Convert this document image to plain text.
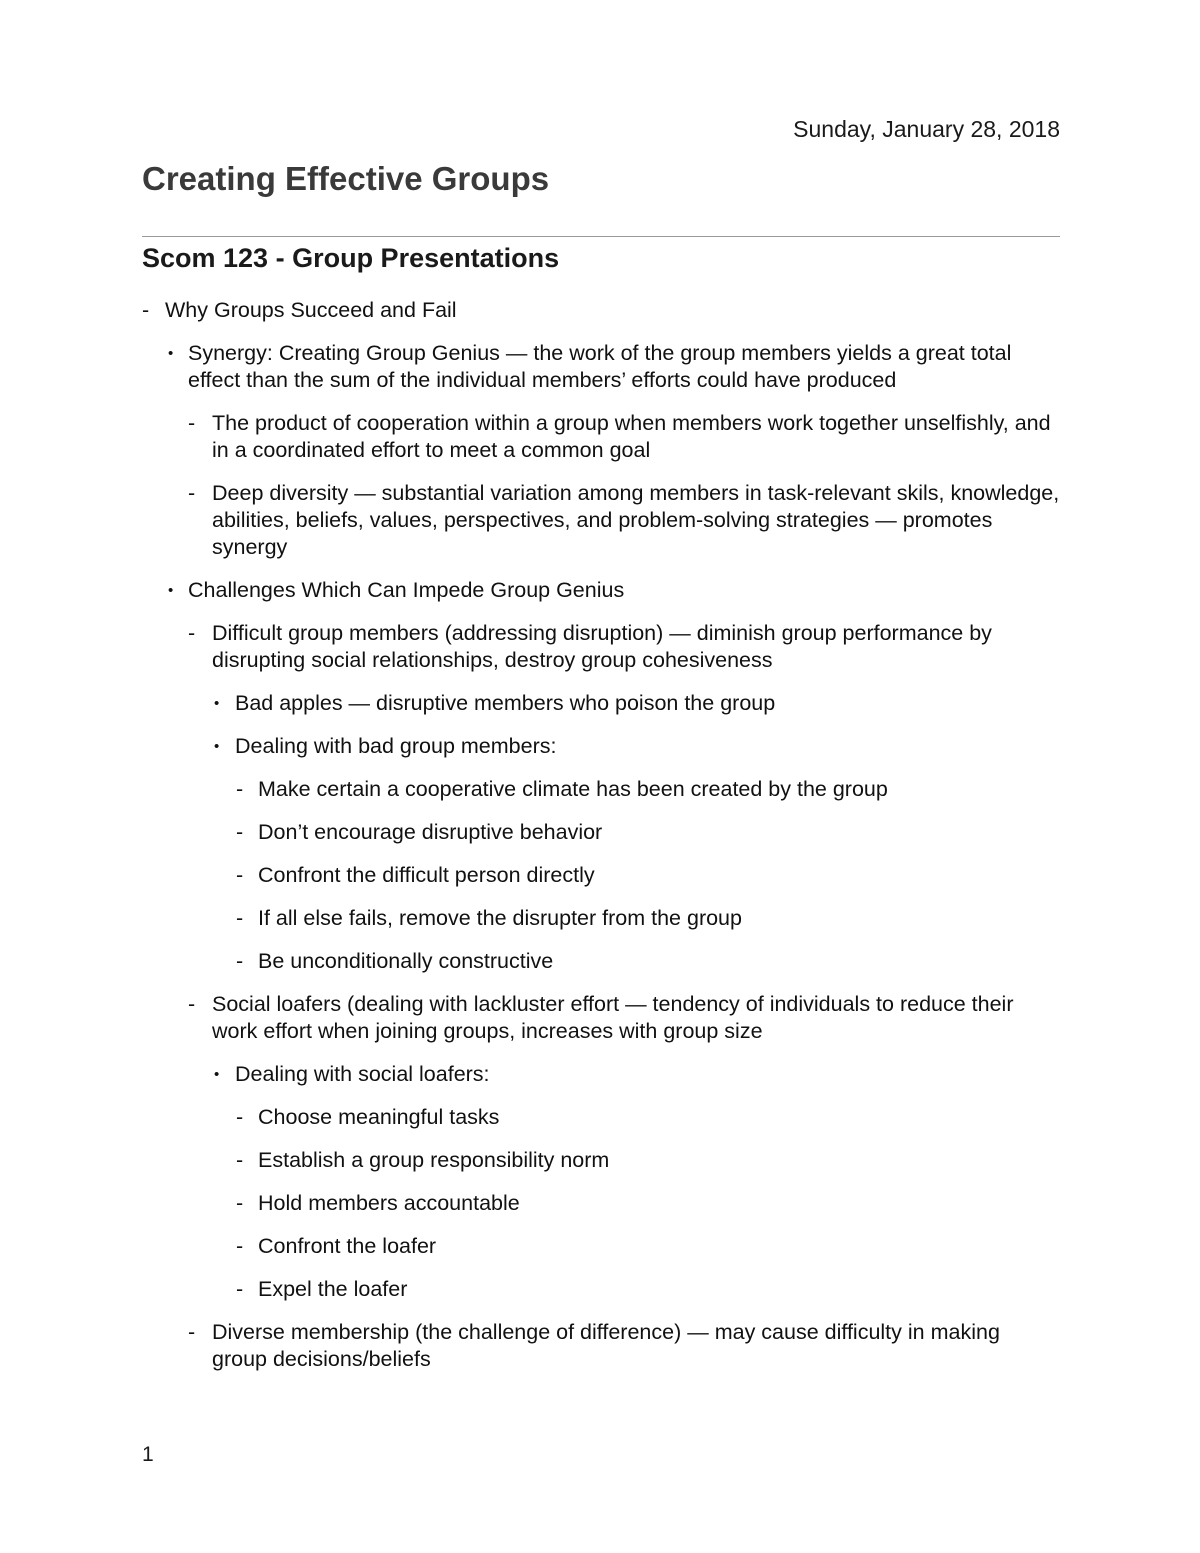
Sunday, January 28, 2018
Creating Effective Groups
Scom 123 - Group Presentations
- Why Groups Succeed and Fail
• Synergy: Creating Group Genius — the work of the group members yields a great total effect than the sum of the individual members’ efforts could have produced
- The product of cooperation within a group when members work together unselfishly, and in a coordinated effort to meet a common goal
- Deep diversity — substantial variation among members in task-relevant skils, knowledge, abilities, beliefs, values, perspectives, and problem-solving strategies — promotes synergy
• Challenges Which Can Impede Group Genius
- Difficult group members (addressing disruption) — diminish group performance by disrupting social relationships, destroy group cohesiveness
• Bad apples — disruptive members who poison the group
• Dealing with bad group members:
- Make certain a cooperative climate has been created by the group
- Don’t encourage disruptive behavior
- Confront the difficult person directly
- If all else fails, remove the disrupter from the group
- Be unconditionally constructive
- Social loafers (dealing with lackluster effort — tendency of individuals to reduce their work effort when joining groups, increases with group size
• Dealing with social loafers:
- Choose meaningful tasks
- Establish a group responsibility norm
- Hold members accountable
- Confront the loafer
- Expel the loafer
- Diverse membership (the challenge of difference) — may cause difficulty in making group decisions/beliefs
1
